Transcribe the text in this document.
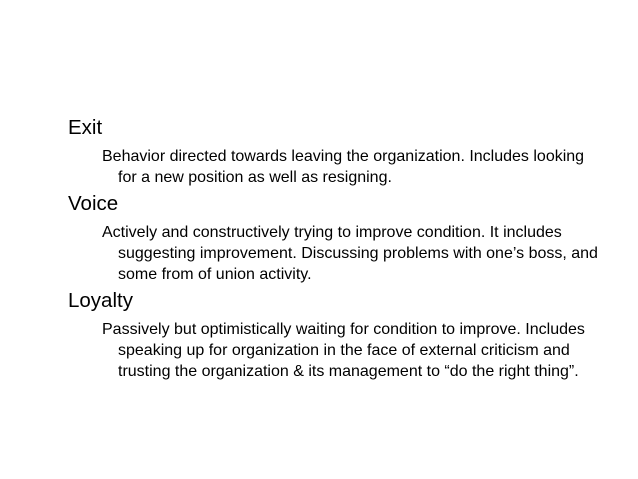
Exit

Behavior directed towards leaving the organization. Includes looking for a new position as well as resigning.

Voice

Actively and constructively trying to improve condition. It includes suggesting improvement. Discussing problems with one’s boss, and some from of union activity.

Loyalty

Passively but optimistically waiting for condition to improve. Includes speaking up for organization in the face of external criticism and trusting the organization & its management to “do the right thing”.
